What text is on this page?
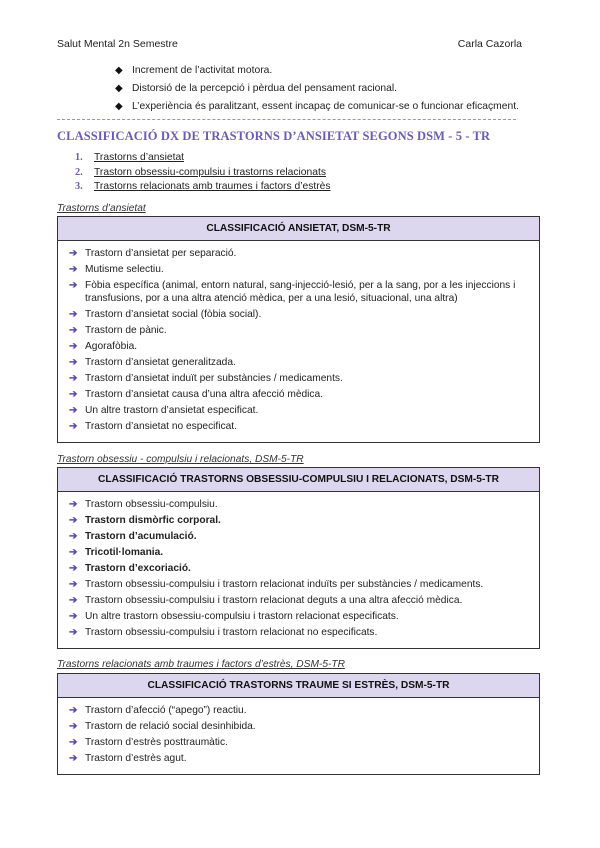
Salut Mental 2n Semestre	Carla Cazorla
◆ Increment de l’activitat motora.
◆ Distorsió de la percepció i pèrdua del pensament racional.
◆ L’experiència és paralitzant, essent incapaç de comunicar-se o funcionar eficaçment.
CLASSIFICACIÓ DX DE TRASTORNS D’ANSIETAT SEGONS DSM - 5 - TR
1.	Trastorns d’ansietat
2.	Trastorn obsessiu-compulsiu i trastorns relacionats
3.	Trastorns relacionats amb traumes i factors d’estrès
Trastorns d’ansietat
CLASSIFICACIÓ ANSIETAT, DSM-5-TR
➔ Trastorn d’ansietat per separació.
➔ Mutisme selectiu.
➔ Fòbia específica (animal, entorn natural, sang-injecció-lesió, per a la sang, por a les injeccions i transfusions, por a una altra atenció mèdica, per a una lesió, situacional, una altra)
➔ Trastorn d’ansietat social (fòbia social).
➔ Trastorn de pànic.
➔ Agorafòbia.
➔ Trastorn d’ansietat generalitzada.
➔ Trastorn d’ansietat induït per substàncies / medicaments.
➔ Trastorn d’ansietat causa d’una altra afecció mèdica.
➔ Un altre trastorn d’ansietat especificat.
➔ Trastorn d’ansietat no especificat.
Trastorn obsessiu - compulsiu i relacionats, DSM-5-TR
CLASSIFICACIÓ TRASTORNS OBSESSIU-COMPULSIU I RELACIONATS, DSM-5-TR
➔ Trastorn obsessiu-compulsiu.
➔ Trastorn dismòrfic corporal.
➔ Trastorn d’acumulació.
➔ Tricotil·lomania.
➔ Trastorn d’excoriació.
➔ Trastorn obsessiu-compulsiu i trastorn relacionat induïts per substàncies / medicaments.
➔ Trastorn obsessiu-compulsiu i trastorn relacionat deguts a una altra afecció mèdica.
➔ Un altre trastorn obsessiu-compulsiu i trastorn relacionat especificats.
➔ Trastorn obsessiu-compulsiu i trastorn relacionat no especificats.
Trastorns relacionats amb traumes i factors d’estrès, DSM-5-TR
CLASSIFICACIÓ TRASTORNS TRAUME SI ESTRÈS, DSM-5-TR
➔ Trastorn d’afecció (“apego”) reactiu.
➔ Trastorn de relació social desinhibida.
➔ Trastorn d’estrès posttraumàtic.
➔ Trastorn d’estrès agut.
